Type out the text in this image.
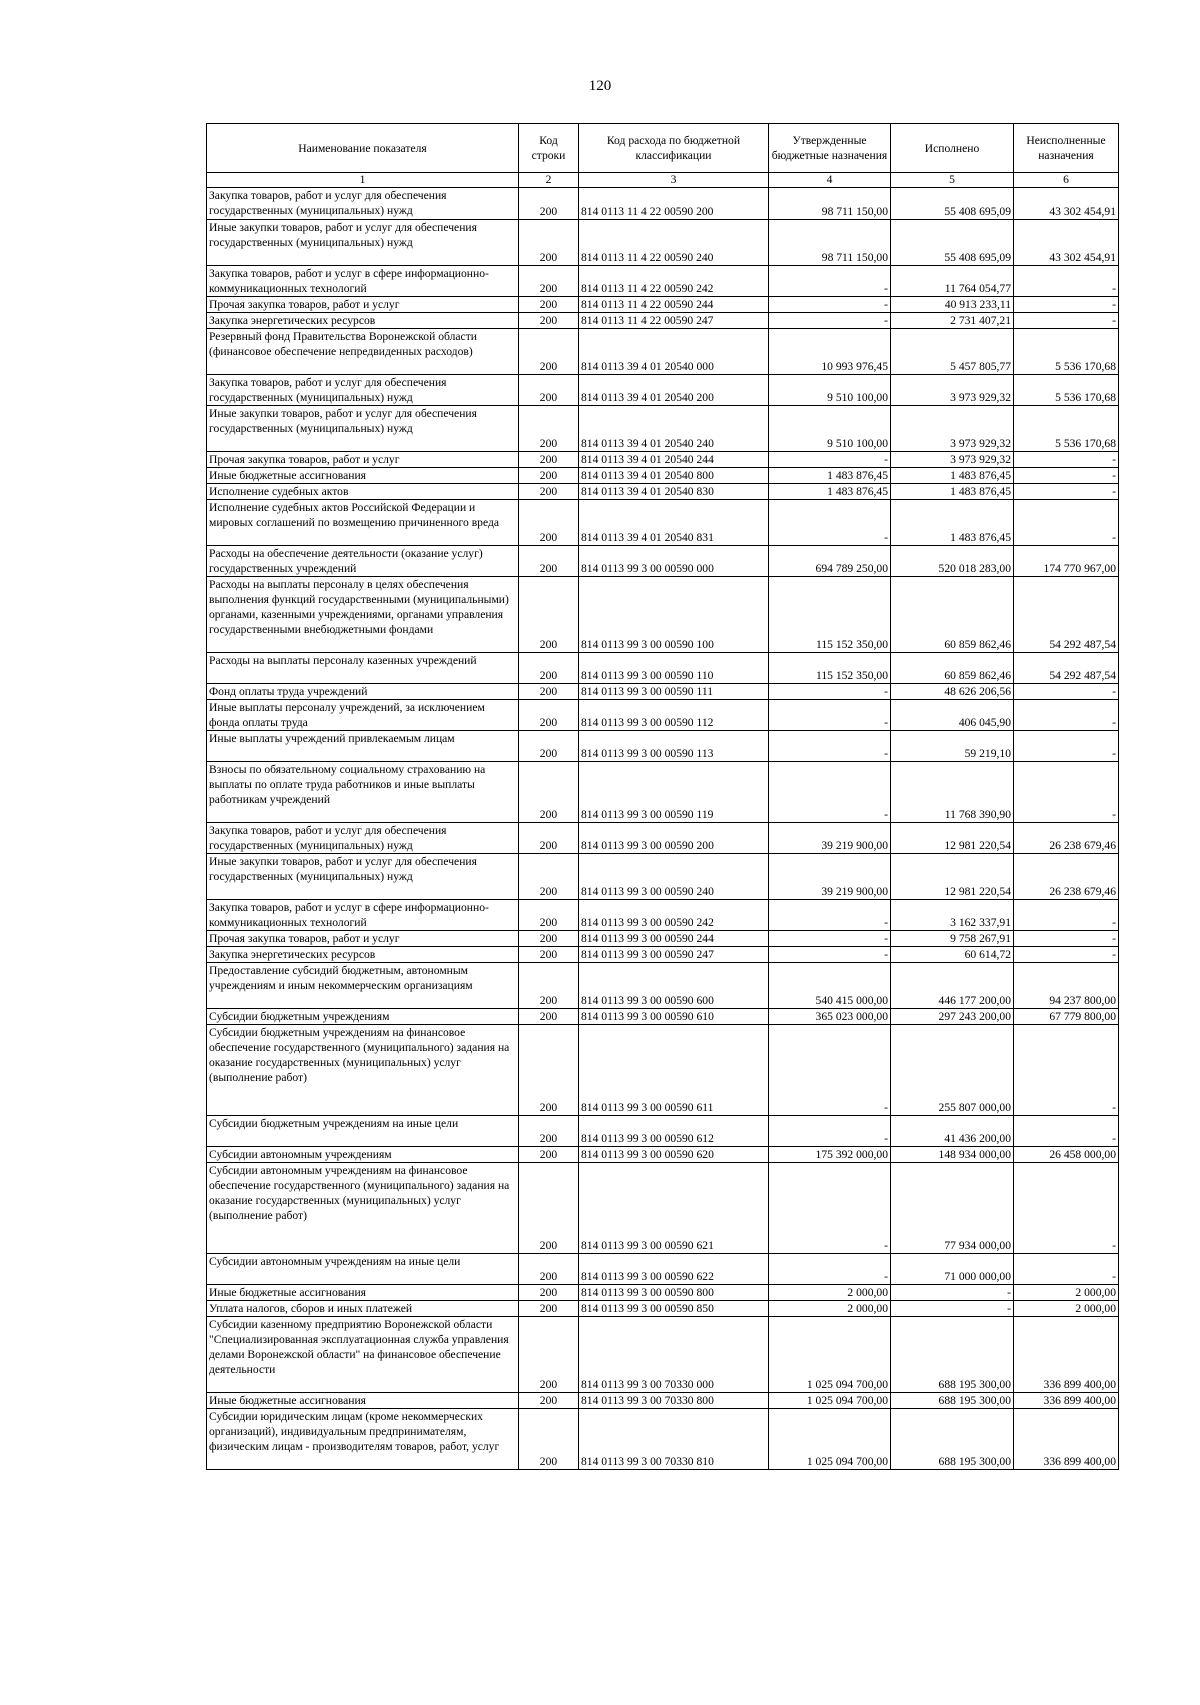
120
Наименование показателя	Код строки	Код расхода по бюджетной классификации	Утвержденные бюджетные назначения	Исполнено	Неисполненные назначения
1	2	3	4	5	6
Закупка товаров, работ и услуг для обеспечения государственных (муниципальных) нужд	200	814 0113 11 4 22 00590 200	98 711 150,00	55 408 695,09	43 302 454,91
Иные закупки товаров, работ и услуг для обеспечения государственных (муниципальных) нужд	200	814 0113 11 4 22 00590 240	98 711 150,00	55 408 695,09	43 302 454,91
Закупка товаров, работ и услуг в сфере информационно-коммуникационных технологий	200	814 0113 11 4 22 00590 242	-	11 764 054,77	-
Прочая закупка товаров, работ и услуг	200	814 0113 11 4 22 00590 244	-	40 913 233,11	-
Закупка энергетических ресурсов	200	814 0113 11 4 22 00590 247	-	2 731 407,21	-
Резервный фонд Правительства Воронежской области (финансовое обеспечение непредвиденных расходов)	200	814 0113 39 4 01 20540 000	10 993 976,45	5 457 805,77	5 536 170,68
Закупка товаров, работ и услуг для обеспечения государственных (муниципальных) нужд	200	814 0113 39 4 01 20540 200	9 510 100,00	3 973 929,32	5 536 170,68
Иные закупки товаров, работ и услуг для обеспечения государственных (муниципальных) нужд	200	814 0113 39 4 01 20540 240	9 510 100,00	3 973 929,32	5 536 170,68
Прочая закупка товаров, работ и услуг	200	814 0113 39 4 01 20540 244	-	3 973 929,32	-
Иные бюджетные ассигнования	200	814 0113 39 4 01 20540 800	1 483 876,45	1 483 876,45	-
Исполнение судебных актов	200	814 0113 39 4 01 20540 830	1 483 876,45	1 483 876,45	-
Исполнение судебных актов Российской Федерации и мировых соглашений по возмещению причиненного вреда	200	814 0113 39 4 01 20540 831	-	1 483 876,45	-
Расходы на обеспечение деятельности (оказание услуг) государственных учреждений	200	814 0113 99 3 00 00590 000	694 789 250,00	520 018 283,00	174 770 967,00
Расходы на выплаты персоналу в целях обеспечения выполнения функций государственными (муниципальными) органами, казенными учреждениями, органами управления государственными внебюджетными фондами	200	814 0113 99 3 00 00590 100	115 152 350,00	60 859 862,46	54 292 487,54
Расходы на выплаты персоналу казенных учреждений	200	814 0113 99 3 00 00590 110	115 152 350,00	60 859 862,46	54 292 487,54
Фонд оплаты труда учреждений	200	814 0113 99 3 00 00590 111	-	48 626 206,56	-
Иные выплаты персоналу учреждений, за исключением фонда оплаты труда	200	814 0113 99 3 00 00590 112	-	406 045,90	-
Иные выплаты учреждений привлекаемым лицам	200	814 0113 99 3 00 00590 113	-	59 219,10	-
Взносы по обязательному социальному страхованию на выплаты по оплате труда работников и иные выплаты работникам учреждений	200	814 0113 99 3 00 00590 119	-	11 768 390,90	-
Закупка товаров, работ и услуг для обеспечения государственных (муниципальных) нужд	200	814 0113 99 3 00 00590 200	39 219 900,00	12 981 220,54	26 238 679,46
Иные закупки товаров, работ и услуг для обеспечения государственных (муниципальных) нужд	200	814 0113 99 3 00 00590 240	39 219 900,00	12 981 220,54	26 238 679,46
Закупка товаров, работ и услуг в сфере информационно-коммуникационных технологий	200	814 0113 99 3 00 00590 242	-	3 162 337,91	-
Прочая закупка товаров, работ и услуг	200	814 0113 99 3 00 00590 244	-	9 758 267,91	-
Закупка энергетических ресурсов	200	814 0113 99 3 00 00590 247	-	60 614,72	-
Предоставление субсидий бюджетным, автономным учреждениям и иным некоммерческим организациям	200	814 0113 99 3 00 00590 600	540 415 000,00	446 177 200,00	94 237 800,00
Субсидии бюджетным учреждениям	200	814 0113 99 3 00 00590 610	365 023 000,00	297 243 200,00	67 779 800,00
Субсидии бюджетным учреждениям на финансовое обеспечение государственного (муниципального) задания на оказание государственных (муниципальных) услуг (выполнение работ)	200	814 0113 99 3 00 00590 611	-	255 807 000,00	-
Субсидии бюджетным учреждениям на иные цели	200	814 0113 99 3 00 00590 612	-	41 436 200,00	-
Субсидии автономным учреждениям	200	814 0113 99 3 00 00590 620	175 392 000,00	148 934 000,00	26 458 000,00
Субсидии автономным учреждениям на финансовое обеспечение государственного (муниципального) задания на оказание государственных (муниципальных) услуг (выполнение работ)	200	814 0113 99 3 00 00590 621	-	77 934 000,00	-
Субсидии автономным учреждениям на иные цели	200	814 0113 99 3 00 00590 622	-	71 000 000,00	-
Иные бюджетные ассигнования	200	814 0113 99 3 00 00590 800	2 000,00	-	2 000,00
Уплата налогов, сборов и иных платежей	200	814 0113 99 3 00 00590 850	2 000,00	-	2 000,00
Субсидии казенному предприятию Воронежской области "Специализированная эксплуатационная служба управления делами Воронежской области" на финансовое обеспечение деятельности	200	814 0113 99 3 00 70330 000	1 025 094 700,00	688 195 300,00	336 899 400,00
Иные бюджетные ассигнования	200	814 0113 99 3 00 70330 800	1 025 094 700,00	688 195 300,00	336 899 400,00
Субсидии юридическим лицам (кроме некоммерческих организаций), индивидуальным предпринимателям, физическим лицам - производителям товаров, работ, услуг	200	814 0113 99 3 00 70330 810	1 025 094 700,00	688 195 300,00	336 899 400,00
